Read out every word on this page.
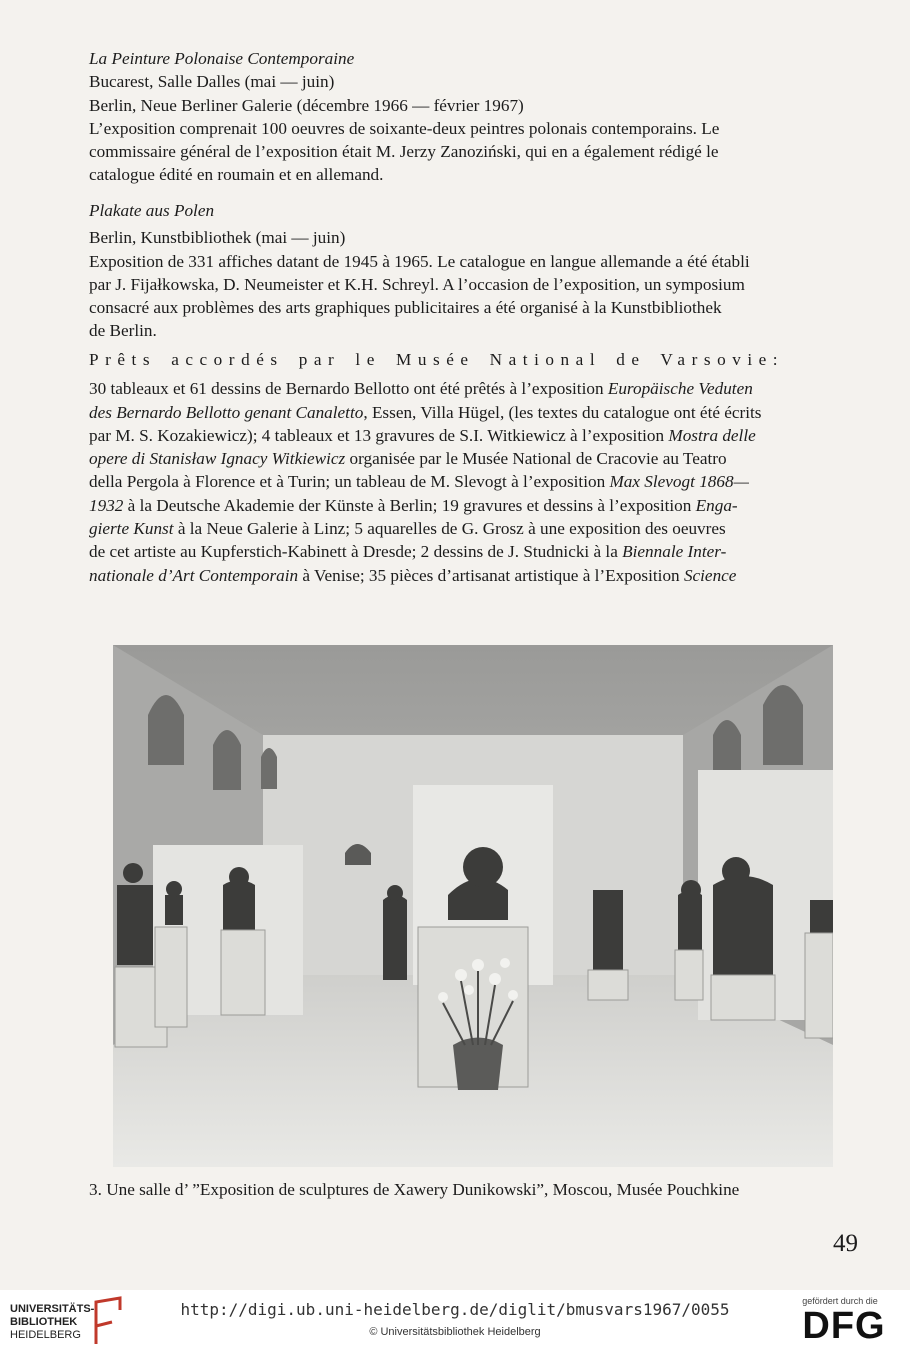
La Peinture Polonaise Contemporaine
Bucarest, Salle Dalles (mai — juin)
Berlin, Neue Berliner Galerie (décembre 1966 — février 1967)
L’exposition comprenait 100 oeuvres de soixante-deux peintres polonais contemporains. Le
commissaire général de l’exposition était M. Jerzy Zanoziński, qui en a également rédigé le
catalogue édité en roumain et en allemand.
Plakate aus Polen
Berlin, Kunstbibliothek (mai — juin)
Exposition de 331 affiches datant de 1945 à 1965. Le catalogue en langue allemande a été établi
par J. Fijałkowska, D. Neumeister et K.H. Schreyl. A l’occasion de l’exposition, un symposium
consacré aux problèmes des arts graphiques publicitaires a été organisé à la Kunstbibliothek
de Berlin.
Prêts accordés par le Musée National de Varsovie:
30 tableaux et 61 dessins de Bernardo Bellotto ont été prêtés à l’exposition Europäische Veduten
des Bernardo Bellotto genant Canaletto, Essen, Villa Hügel, (les textes du catalogue ont été écrits
par M. S. Kozakiewicz); 4 tableaux et 13 gravures de S.I. Witkiewicz à l’exposition Mostra delle
opere di Stanisław Ignacy Witkiewicz organisée par le Musée National de Cracovie au Teatro
della Pergola à Florence et à Turin; un tableau de M. Slevogt à l’exposition Max Slevogt 1868—
1932 à la Deutsche Akademie der Künste à Berlin; 19 gravures et dessins à l’exposition Enga-
gierte Kunst à la Neue Galerie à Linz; 5 aquarelles de G. Grosz à une exposition des oeuvres
de cet artiste au Kupferstich-Kabinett à Dresde; 2 dessins de J. Studnicki à la Biennale Inter-
nationale d’Art Contemporain à Venise; 35 pièces d’artisanat artistique à l’Exposition Science
3. Une salle d’ ”Exposition de sculptures de Xawery Dunikowski”, Moscou, Musée Pouchkine
49
UNIVERSITÄTS-
BIBLIOTHEK
HEIDELBERG
http://digi.ub.uni-heidelberg.de/diglit/bmusvars1967/0055
© Universitätsbibliothek Heidelberg
gefördert durch die
DFG
